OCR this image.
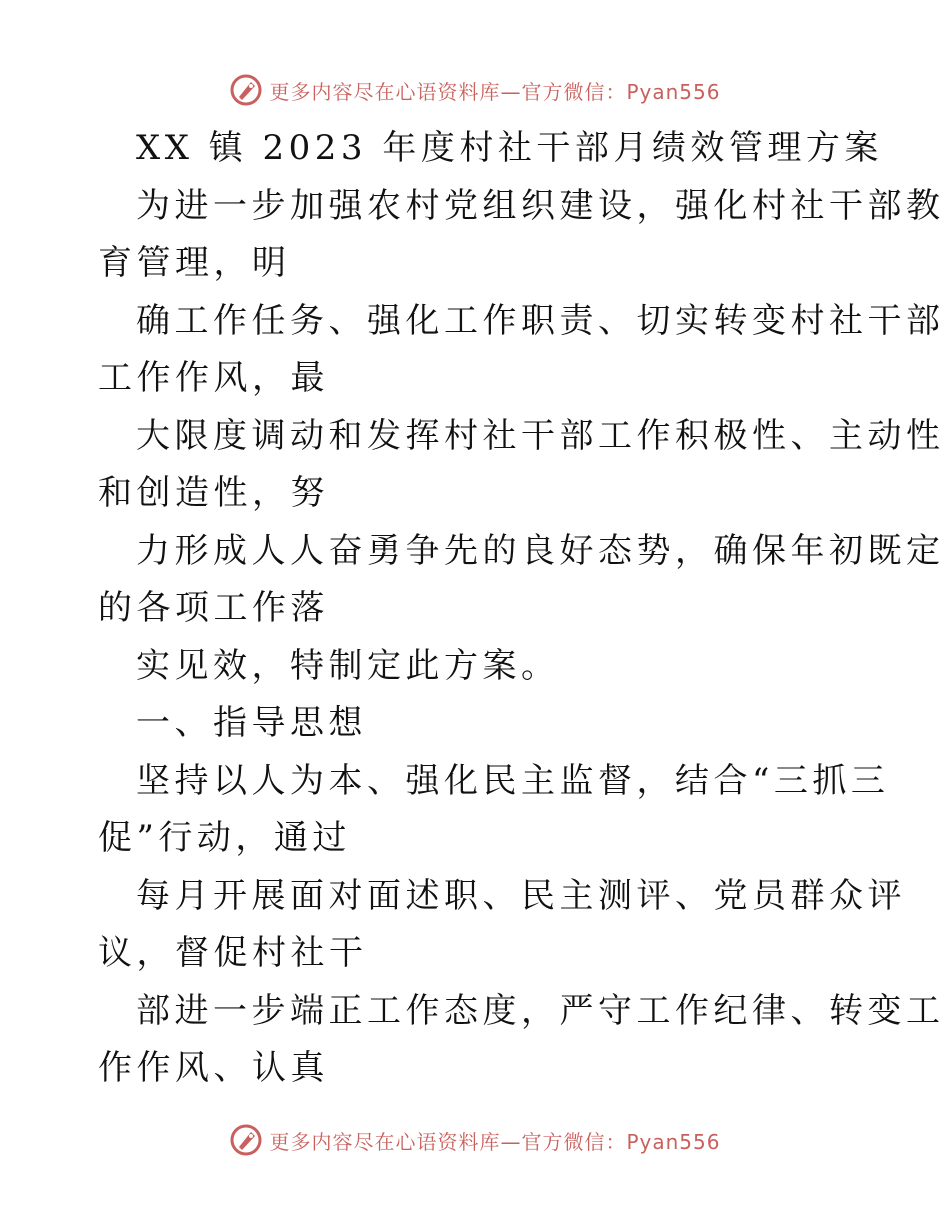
更多内容尽在心语资料库—官方微信：Pyan556
XX 镇 2023 年度村社干部月绩效管理方案
为进一步加强农村党组织建设，强化村社干部教
育管理，明
确工作任务、强化工作职责、切实转变村社干部
工作作风，最
大限度调动和发挥村社干部工作积极性、主动性
和创造性，努
力形成人人奋勇争先的良好态势，确保年初既定
的各项工作落
实见效，特制定此方案。
一、指导思想
坚持以人为本、强化民主监督，结合“三抓三
促”行动，通过
每月开展面对面述职、民主测评、党员群众评
议，督促村社干
部进一步端正工作态度，严守工作纪律、转变工
作作风、认真
更多内容尽在心语资料库—官方微信：Pyan556
